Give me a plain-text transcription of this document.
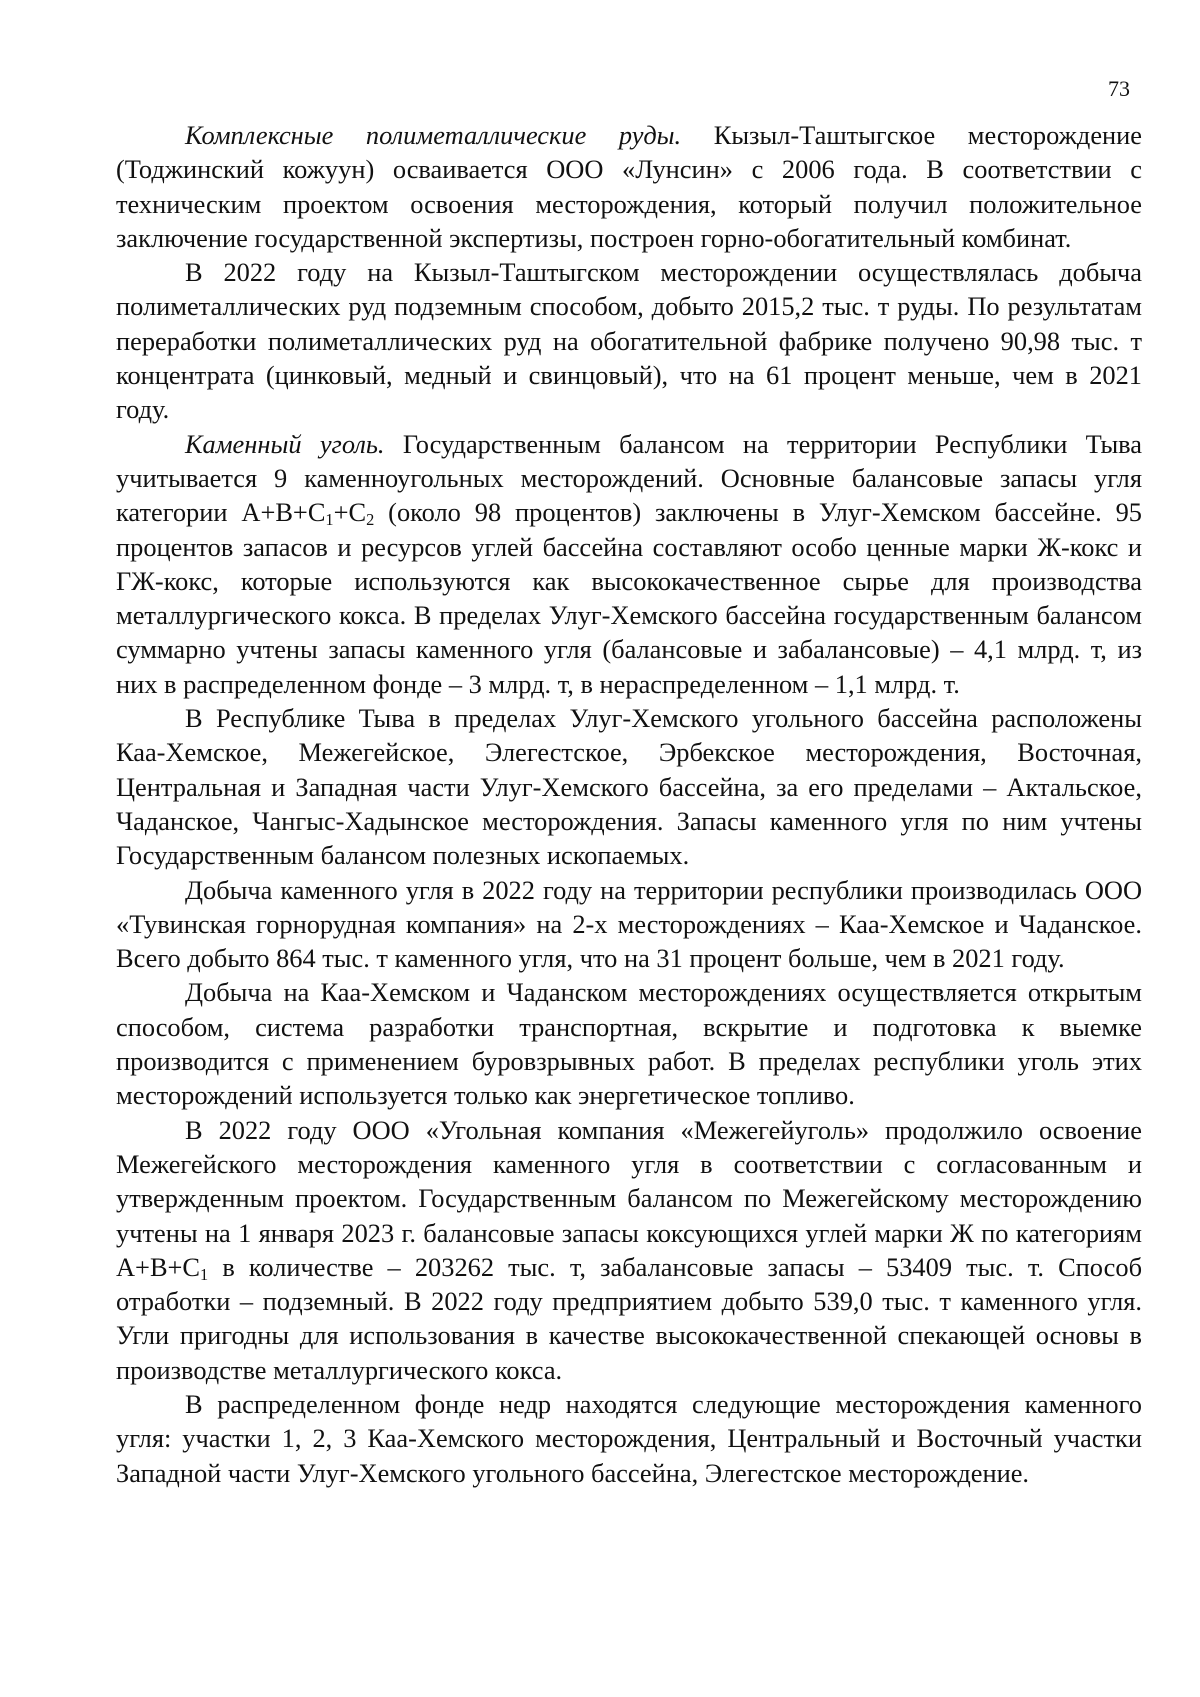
73

Комплексные полиметаллические руды. Кызыл-Таштыгское месторождение (Тоджинский кожуун) осваивается ООО «Лунсин» с 2006 года. В соответствии с техническим проектом освоения месторождения, который получил положительное заключение государственной экспертизы, построен горно-обогатительный комбинат.

В 2022 году на Кызыл-Таштыгском месторождении осуществлялась добыча полиметаллических руд подземным способом, добыто 2015,2 тыс. т руды. По результатам переработки полиметаллических руд на обогатительной фабрике получено 90,98 тыс. т концентрата (цинковый, медный и свинцовый), что на 61 процент меньше, чем в 2021 году.

Каменный уголь. Государственным балансом на территории Республики Тыва учитывается 9 каменноугольных месторождений. Основные балансовые запасы угля категории $А+В+С_1+С_2$ (около 98 процентов) заключены в Улуг-Хемском бассейне. 95 процентов запасов и ресурсов углей бассейна составляют особо ценные марки Ж-кокс и ГЖ-кокс, которые используются как высококачественное сырье для производства металлургического кокса. В пределах Улуг-Хемского бассейна государственным балансом суммарно учтены запасы каменного угля (балансовые и забалансовые) – 4,1 млрд. т, из них в распределенном фонде – 3 млрд. т, в нераспределенном – 1,1 млрд. т.

В Республике Тыва в пределах Улуг-Хемского угольного бассейна расположены Каа-Хемское, Межегейское, Элегестское, Эрбекское месторождения, Восточная, Центральная и Западная части Улуг-Хемского бассейна, за его пределами – Актальское, Чаданское, Чангыс-Хадынское месторождения. Запасы каменного угля по ним учтены Государственным балансом полезных ископаемых.

Добыча каменного угля в 2022 году на территории республики производилась ООО «Тувинская горнорудная компания» на 2-х месторождениях – Каа-Хемское и Чаданское. Всего добыто 864 тыс. т каменного угля, что на 31 процент больше, чем в 2021 году.

Добыча на Каа-Хемском и Чаданском месторождениях осуществляется открытым способом, система разработки транспортная, вскрытие и подготовка к выемке производится с применением буровзрывных работ. В пределах республики уголь этих месторождений используется только как энергетическое топливо.

В 2022 году ООО «Угольная компания «Межегейуголь» продолжило освоение Межегейского месторождения каменного угля в соответствии с согласованным и утвержденным проектом. Государственным балансом по Межегейскому месторождению учтены на 1 января 2023 г. балансовые запасы коксующихся углей марки Ж по категориям $А+В+С_1$ в количестве – 203262 тыс. т, забалансовые запасы – 53409 тыс. т. Способ отработки – подземный. В 2022 году предприятием добыто 539,0 тыс. т каменного угля. Угли пригодны для использования в качестве высококачественной спекающей основы в производстве металлургического кокса.

В распределенном фонде недр находятся следующие месторождения каменного угля: участки 1, 2, 3 Каа-Хемского месторождения, Центральный и Восточный участки Западной части Улуг-Хемского угольного бассейна, Элегестское месторождение.
